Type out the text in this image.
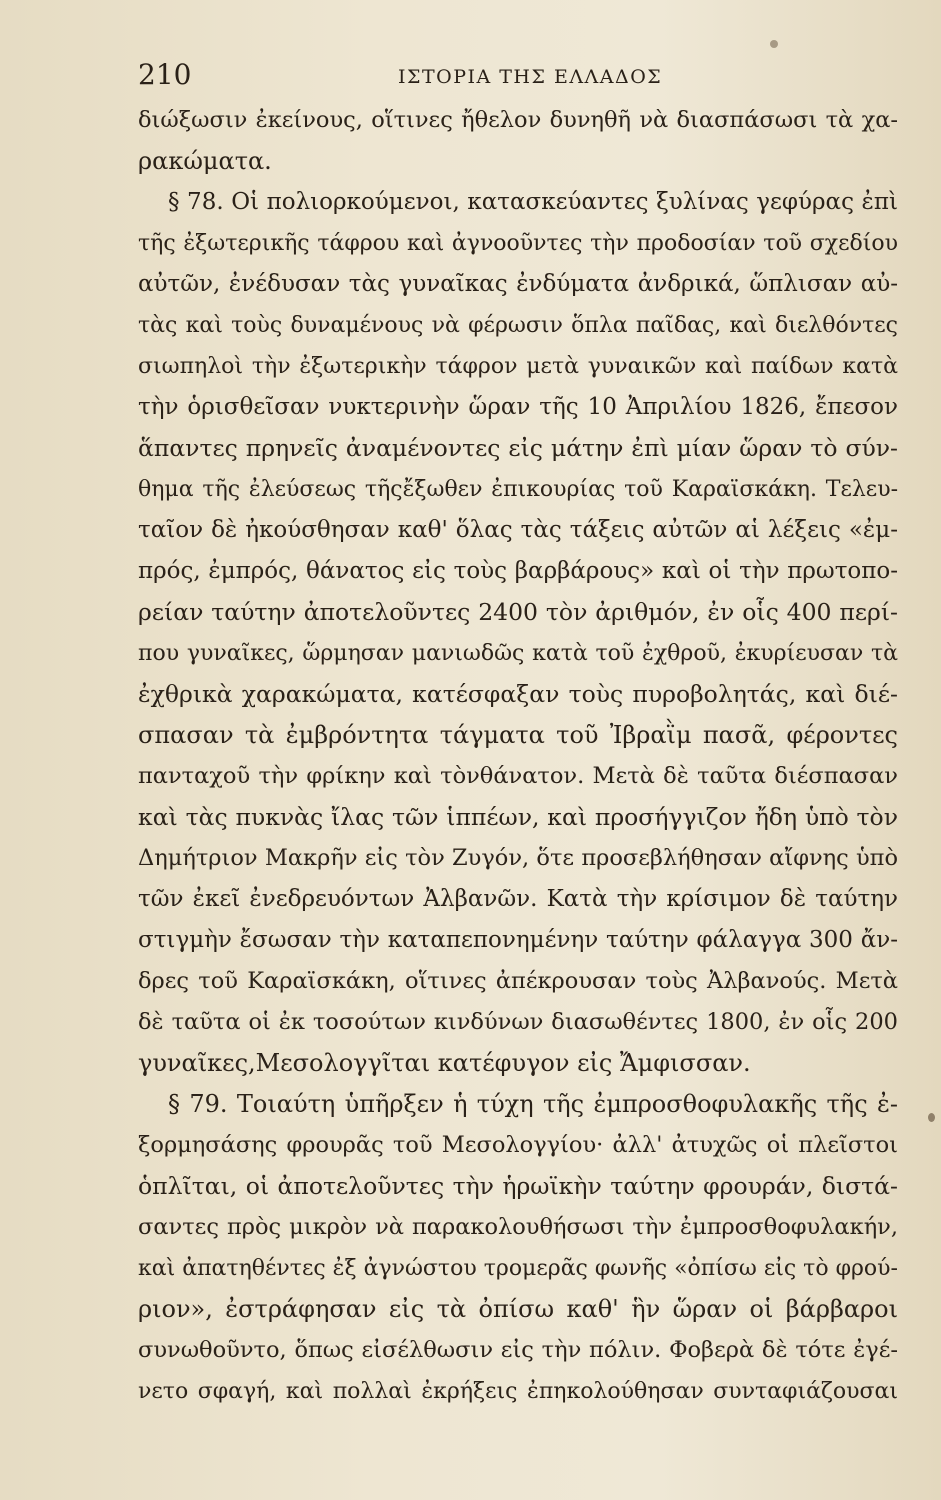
210	ΙΣΤΟΡΙΑ ΤΗΣ ΕΛΛΑΔΟΣ
διώξωσιν ἐκείνους, οἵτινες ἤθελον δυνηθῆ νὰ διασπάσωσι τὰ χα-
ρακώματα.
§ 78. Οἱ πολιορκούμενοι, κατασκεύαντες ξυλίνας γεφύρας ἐπὶ
τῆς ἐξωτερικῆς τάφρου καὶ ἀγνοοῦντες τὴν προδοσίαν τοῦ σχεδίου
αὐτῶν, ἐνέδυσαν τὰς γυναῖκας ἐνδύματα ἀνδρικά, ὥπλισαν αὐ-
τὰς καὶ τοὺς δυναμένους νὰ φέρωσιν ὅπλα παῖδας, καὶ διελθόντες
σιωπηλοὶ τὴν ἐξωτερικὴν τάφρον μετὰ γυναικῶν καὶ παίδων κατὰ
τὴν ὁρισθεῖσαν νυκτερινὴν ὥραν τῆς 10 Ἀπριλίου 1826, ἔπεσον
ἅπαντες πρηνεῖς ἀναμένοντες εἰς μάτην ἐπὶ μίαν ὥραν τὸ σύν-
θημα τῆς ἐλεύσεως τῆςἔξωθεν ἐπικουρίας τοῦ Καραϊσκάκη. Τελευ-
ταῖον δὲ ἠκούσθησαν καθ' ὅλας τὰς τάξεις αὐτῶν αἱ λέξεις «ἐμ-
πρός, ἐμπρός, θάνατος εἰς τοὺς βαρβάρους» καὶ οἱ τὴν πρωτοπο-
ρείαν ταύτην ἀποτελοῦντες 2400 τὸν ἀριθμόν, ἐν οἷς 400 περί-
που γυναῖκες, ὥρμησαν μανιωδῶς κατὰ τοῦ ἐχθροῦ, ἐκυρίευσαν τὰ
ἐχθρικὰ χαρακώματα, κατέσφαξαν τοὺς πυροβολητάς, καὶ διέ-
σπασαν τὰ ἐμβρόντητα τάγματα τοῦ Ἰβραῒμ πασᾶ, φέροντες
πανταχοῦ τὴν φρίκην καὶ τὸνθάνατον. Μετὰ δὲ ταῦτα διέσπασαν
καὶ τὰς πυκνὰς ἴλας τῶν ἱππέων, καὶ προσήγγιζον ἤδη ὑπὸ τὸν
Δημήτριον Μακρῆν εἰς τὸν Ζυγόν, ὅτε προσεβλήθησαν αἴφνης ὑπὸ
τῶν ἐκεῖ ἐνεδρευόντων Ἀλβανῶν. Κατὰ τὴν κρίσιμον δὲ ταύτην
στιγμὴν ἔσωσαν τὴν καταπεπονημένην ταύτην φάλαγγα 300 ἄν-
δρες τοῦ Καραϊσκάκη, οἵτινες ἀπέκρουσαν τοὺς Ἀλβανούς. Μετὰ
δὲ ταῦτα οἱ ἐκ τοσούτων κινδύνων διασωθέντες 1800, ἐν οἷς 200
γυναῖκες,Μεσολογγῖται κατέφυγον εἰς Ἄμφισσαν.
§ 79. Τοιαύτη ὑπῆρξεν ἡ τύχη τῆς ἐμπροσθοφυλακῆς τῆς ἐ-
ξορμησάσης φρουρᾶς τοῦ Μεσολογγίου· ἀλλ' ἀτυχῶς οἱ πλεῖστοι
ὁπλῖται, οἱ ἀποτελοῦντες τὴν ἡρωϊκὴν ταύτην φρουράν, διστά-
σαντες πρὸς μικρὸν νὰ παρακολουθήσωσι τὴν ἐμπροσθοφυλακήν,
καὶ ἀπατηθέντες ἐξ ἀγνώστου τρομερᾶς φωνῆς «ὀπίσω εἰς τὸ φρού-
ριον», ἐστράφησαν εἰς τὰ ὀπίσω καθ' ἣν ὥραν οἱ βάρβαροι
συνωθοῦντο, ὅπως εἰσέλθωσιν εἰς τὴν πόλιν. Φοβερὰ δὲ τότε ἐγέ-
νετο σφαγή, καὶ πολλαὶ ἐκρήξεις ἐπηκολούθησαν συνταφιάζουσαι
